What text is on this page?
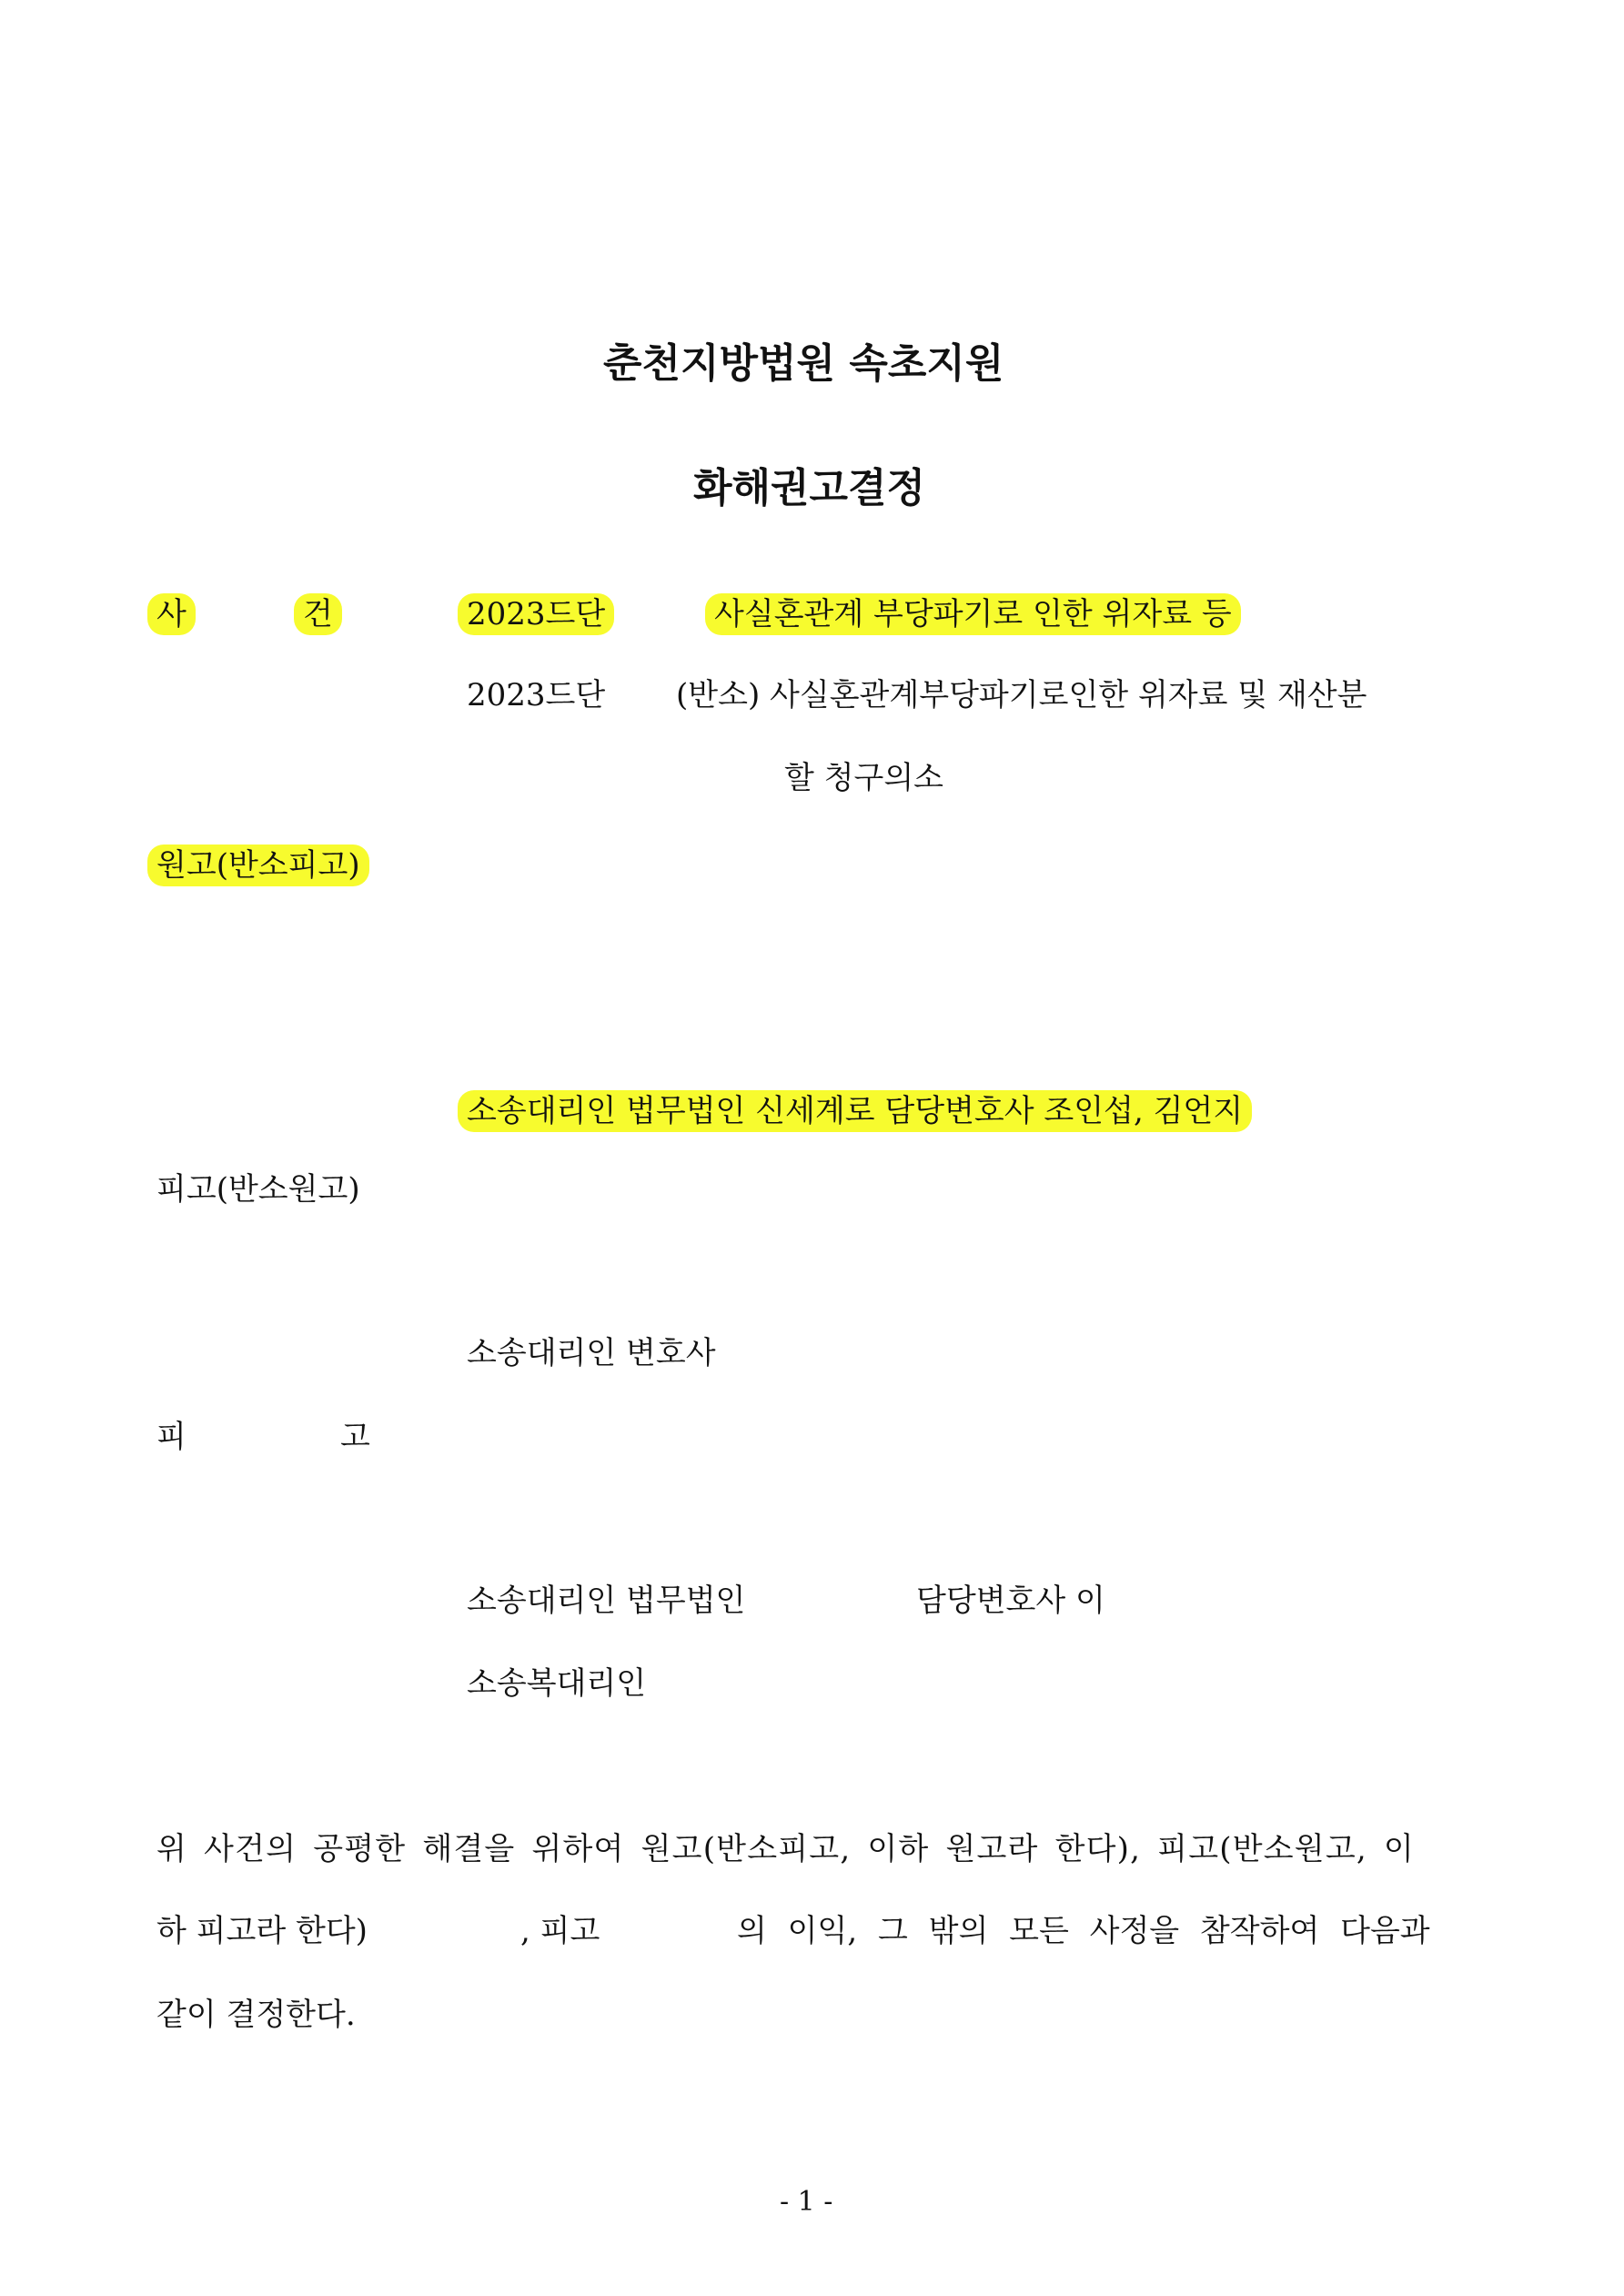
춘천지방법원 속초지원
화해권고결정
사	건	2023드단	사실혼관계 부당파기로 인한 위자료 등
2023드단 (반소) 사실혼관계부당파기로인한 위자료 및 재산분
할 청구의소
원고(반소피고)
소송대리인 법무법인 신세계로 담당변호사 조인섭, 김언지
피고(반소원고)
소송대리인 변호사
피	고
소송대리인 법무법인	담당변호사 이
소송복대리인
위 사건의 공평한 해결을 위하여 원고(반소피고, 이하 원고라 한다), 피고(반소원고, 이
하 피고라 한다)	, 피고	의 이익, 그 밖의 모든 사정을 참작하여 다음과
같이 결정한다.
- 1 -
